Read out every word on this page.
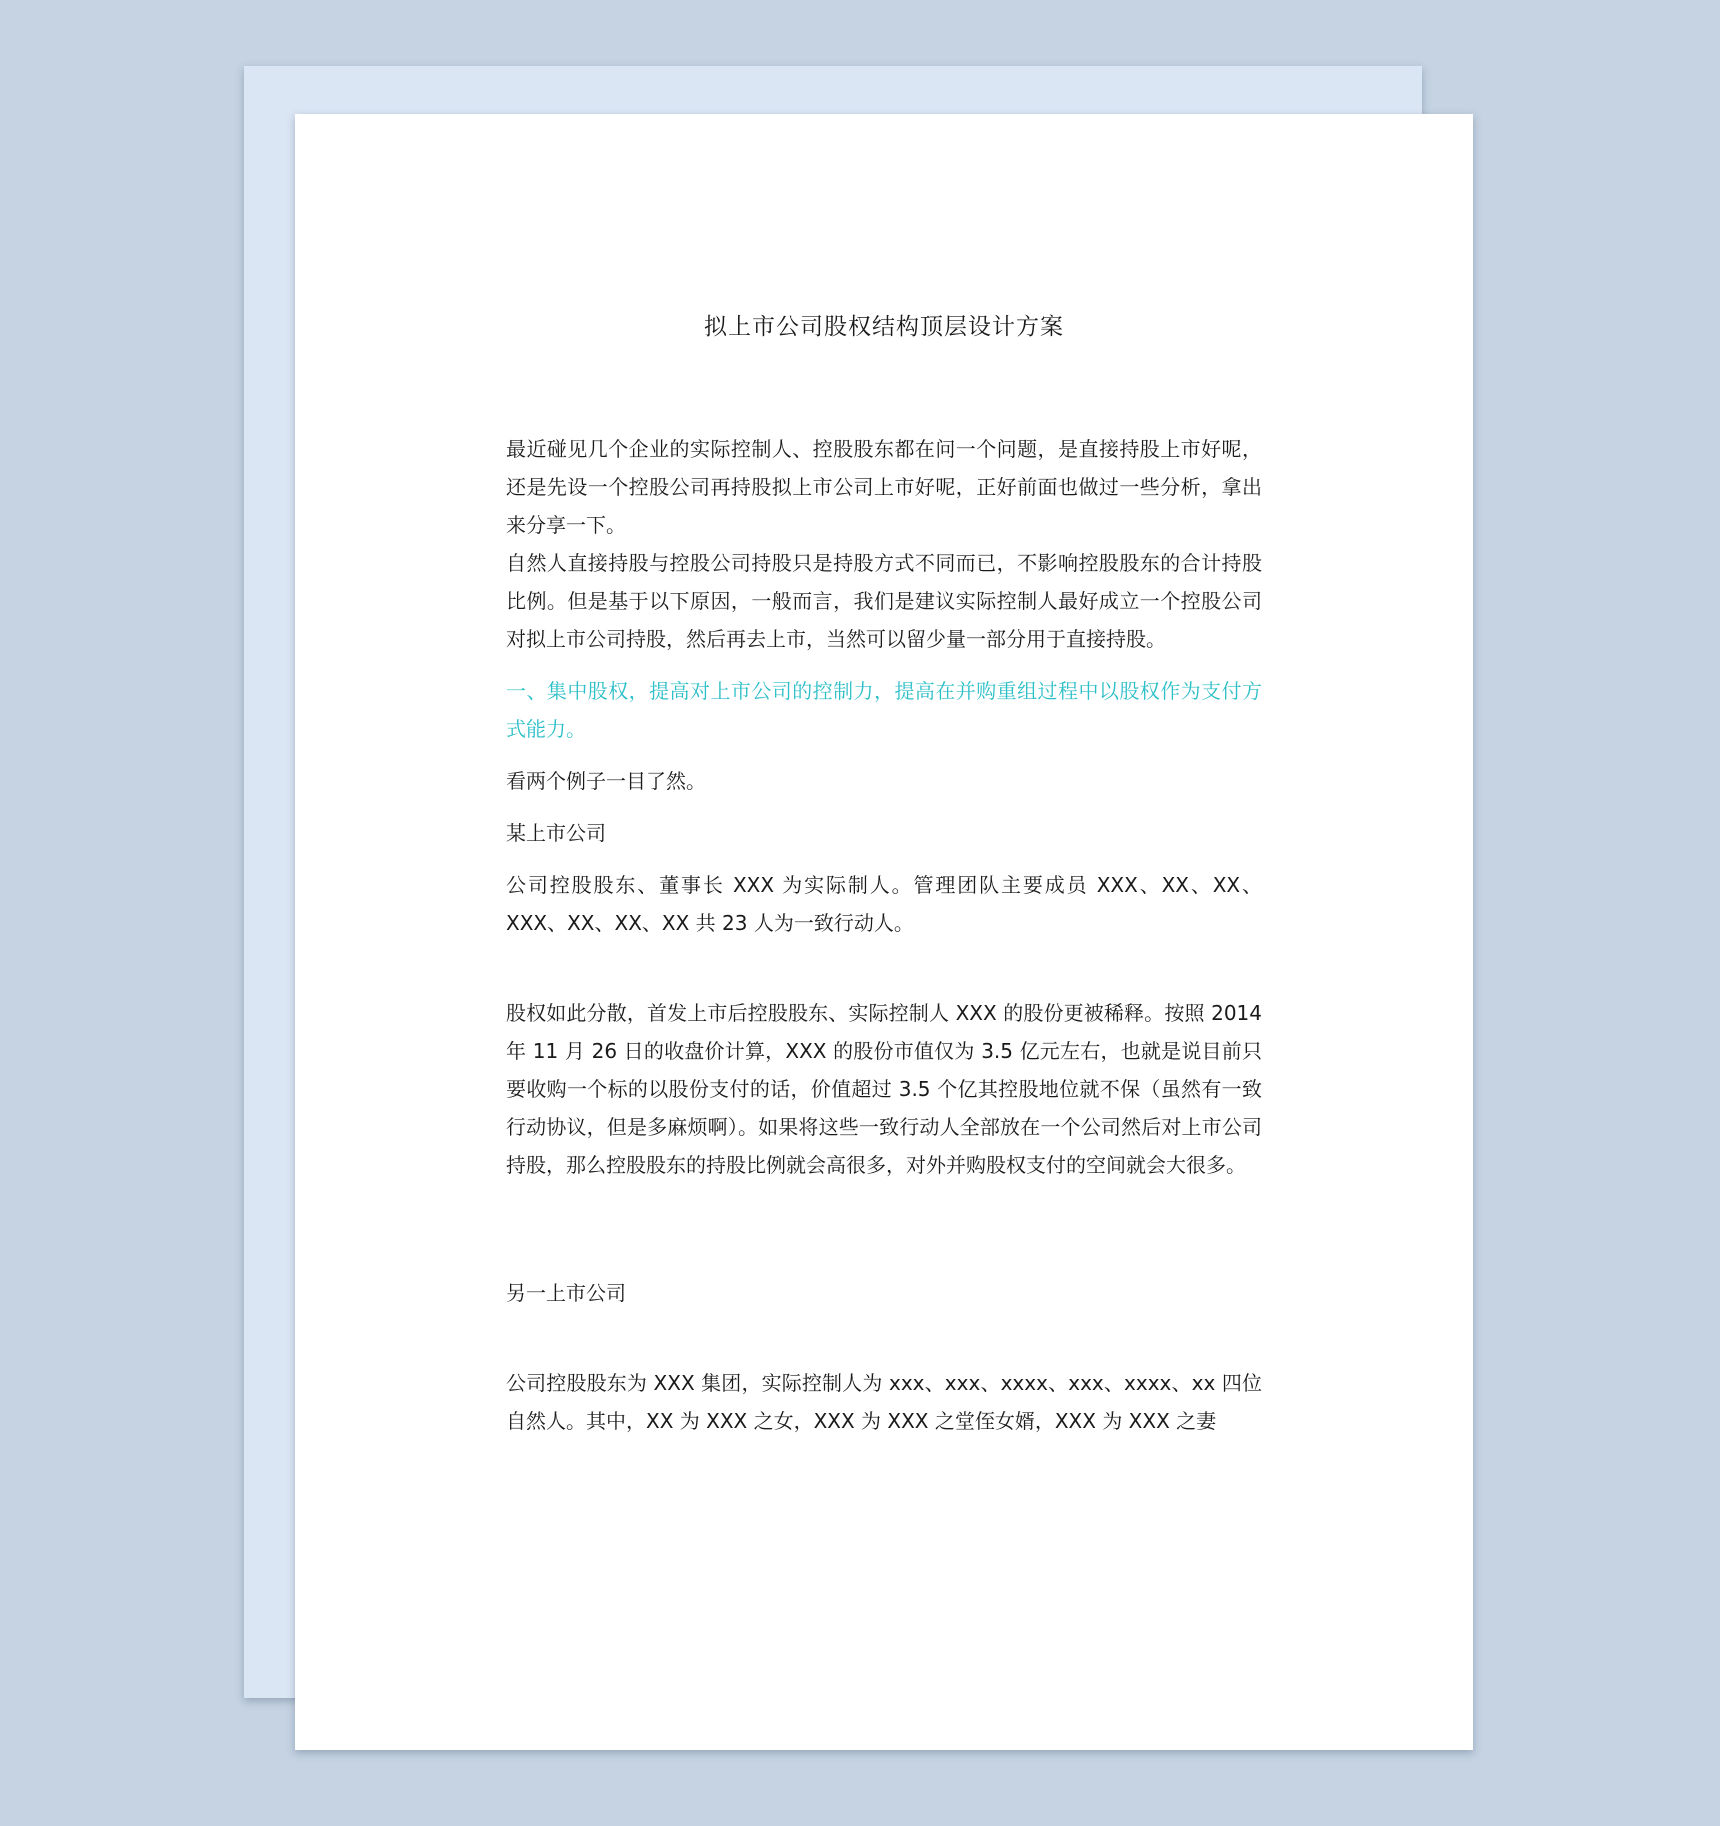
拟上市公司股权结构顶层设计方案

最近碰见几个企业的实际控制人、控股股东都在问一个问题，是直接持股上市好呢，还是先设一个控股公司再持股拟上市公司上市好呢，正好前面也做过一些分析，拿出来分享一下。

自然人直接持股与控股公司持股只是持股方式不同而已，不影响控股股东的合计持股比例。但是基于以下原因，一般而言，我们是建议实际控制人最好成立一个控股公司对拟上市公司持股，然后再去上市，当然可以留少量一部分用于直接持股。

一、集中股权，提高对上市公司的控制力，提高在并购重组过程中以股权作为支付方式能力。

看两个例子一目了然。

某上市公司

公司控股股东、董事长 XXX 为实际制人。管理团队主要成员 XXX、XX、XX、XXX、XX、XX、XX 共 23 人为一致行动人。

股权如此分散，首发上市后控股股东、实际控制人 XXX 的股份更被稀释。按照 2014 年 11 月 26 日的收盘价计算，XXX 的股份市值仅为 3.5 亿元左右，也就是说目前只要收购一个标的以股份支付的话，价值超过 3.5 个亿其控股地位就不保（虽然有一致行动协议，但是多麻烦啊）。如果将这些一致行动人全部放在一个公司然后对上市公司持股，那么控股股东的持股比例就会高很多，对外并购股权支付的空间就会大很多。

另一上市公司

公司控股股东为 XXX 集团，实际控制人为 xxx、xxx、xxxx、xxx、xxxx、xx 四位自然人。其中，XX 为 XXX 之女，XXX 为 XXX 之堂侄女婿，XXX 为 XXX 之妻
